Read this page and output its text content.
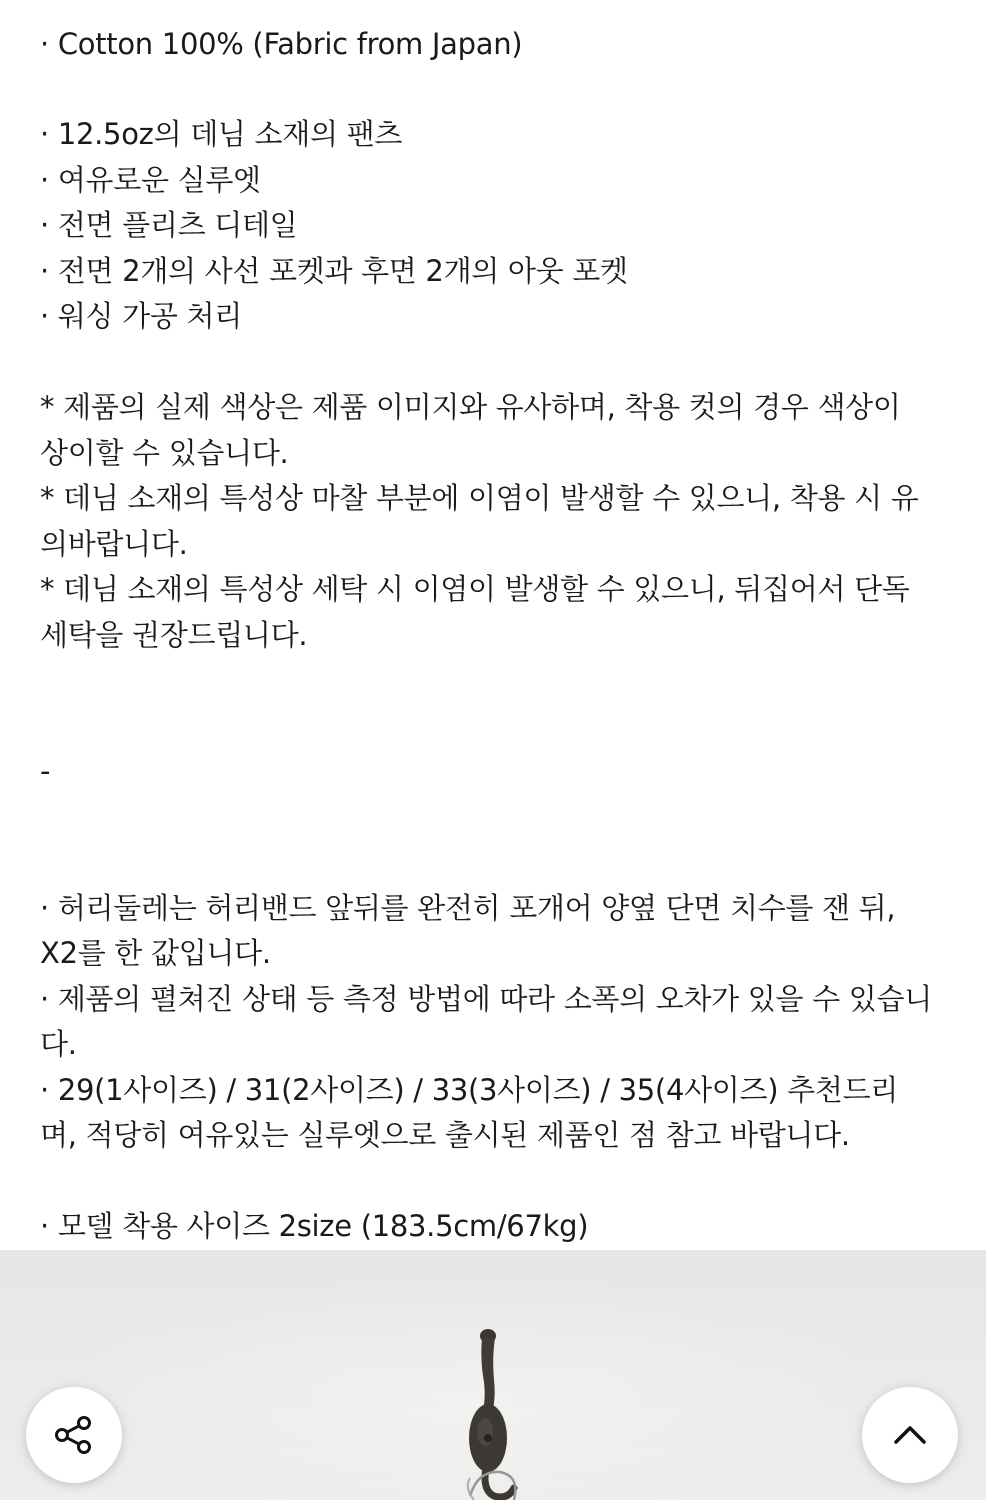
· Cotton 100% (Fabric from Japan)
· 12.5oz의 데님 소재의 팬츠
· 여유로운 실루엣
· 전면 플리츠 디테일
· 전면 2개의 사선 포켓과 후면 2개의 아웃 포켓
· 워싱 가공 처리
* 제품의 실제 색상은 제품 이미지와 유사하며, 착용 컷의 경우 색상이
상이할 수 있습니다.
* 데님 소재의 특성상 마찰 부분에 이염이 발생할 수 있으니, 착용 시 유
의바랍니다.
* 데님 소재의 특성상 세탁 시 이염이 발생할 수 있으니, 뒤집어서 단독
세탁을 권장드립니다.
-
· 허리둘레는 허리밴드 앞뒤를 완전히 포개어 양옆 단면 치수를 잰 뒤,
X2를 한 값입니다.
· 제품의 펼쳐진 상태 등 측정 방법에 따라 소폭의 오차가 있을 수 있습니
다.
· 29(1사이즈) / 31(2사이즈) / 33(3사이즈) / 35(4사이즈) 추천드리
며, 적당히 여유있는 실루엣으로 출시된 제품인 점 참고 바랍니다.
· 모델 착용 사이즈 2size (183.5cm/67kg)
